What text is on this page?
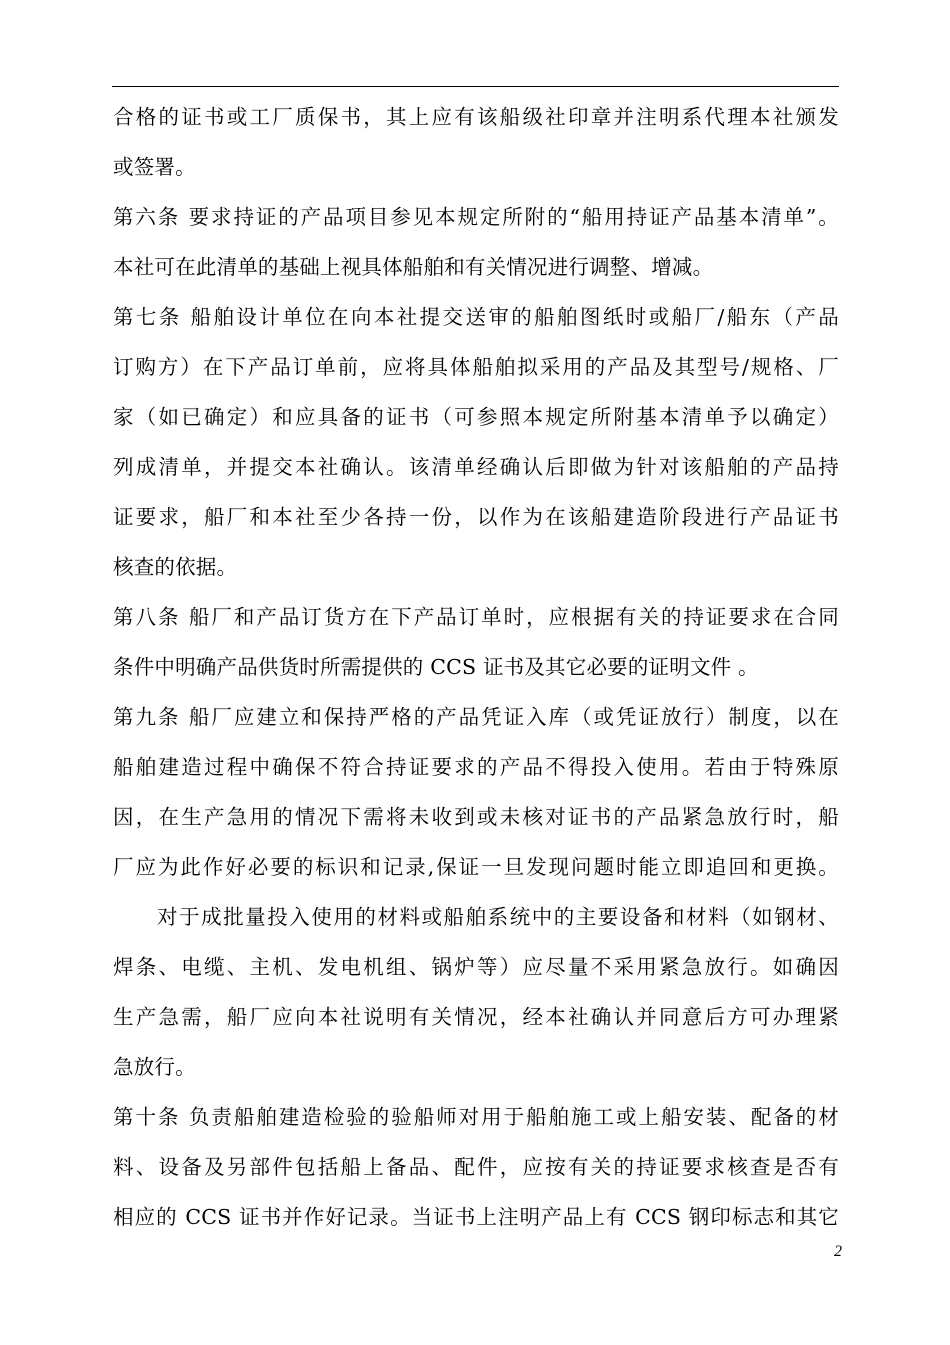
合格的证书或工厂质保书，其上应有该船级社印章并注明系代理本社颁发
或签署。
第六条 要求持证的产品项目参见本规定所附的“船用持证产品基本清单”。
本社可在此清单的基础上视具体船舶和有关情况进行调整、增减。
第七条 船舶设计单位在向本社提交送审的船舶图纸时或船厂/船东（产品
订购方）在下产品订单前，应将具体船舶拟采用的产品及其型号/规格、厂
家（如已确定）和应具备的证书（可参照本规定所附基本清单予以确定）
列成清单，并提交本社确认。该清单经确认后即做为针对该船舶的产品持
证要求，船厂和本社至少各持一份，以作为在该船建造阶段进行产品证书
核查的依据。
第八条 船厂和产品订货方在下产品订单时，应根据有关的持证要求在合同
条件中明确产品供货时所需提供的 CCS 证书及其它必要的证明文件 。
第九条 船厂应建立和保持严格的产品凭证入库（或凭证放行）制度，以在
船舶建造过程中确保不符合持证要求的产品不得投入使用。若由于特殊原
因，在生产急用的情况下需将未收到或未核对证书的产品紧急放行时，船
厂应为此作好必要的标识和记录,保证一旦发现问题时能立即追回和更换。
对于成批量投入使用的材料或船舶系统中的主要设备和材料（如钢材、
焊条、电缆、主机、发电机组、锅炉等）应尽量不采用紧急放行。如确因
生产急需，船厂应向本社说明有关情况，经本社确认并同意后方可办理紧
急放行。
第十条 负责船舶建造检验的验船师对用于船舶施工或上船安装、配备的材
料、设备及另部件包括船上备品、配件，应按有关的持证要求核查是否有
相应的 CCS 证书并作好记录。当证书上注明产品上有 CCS 钢印标志和其它
2
